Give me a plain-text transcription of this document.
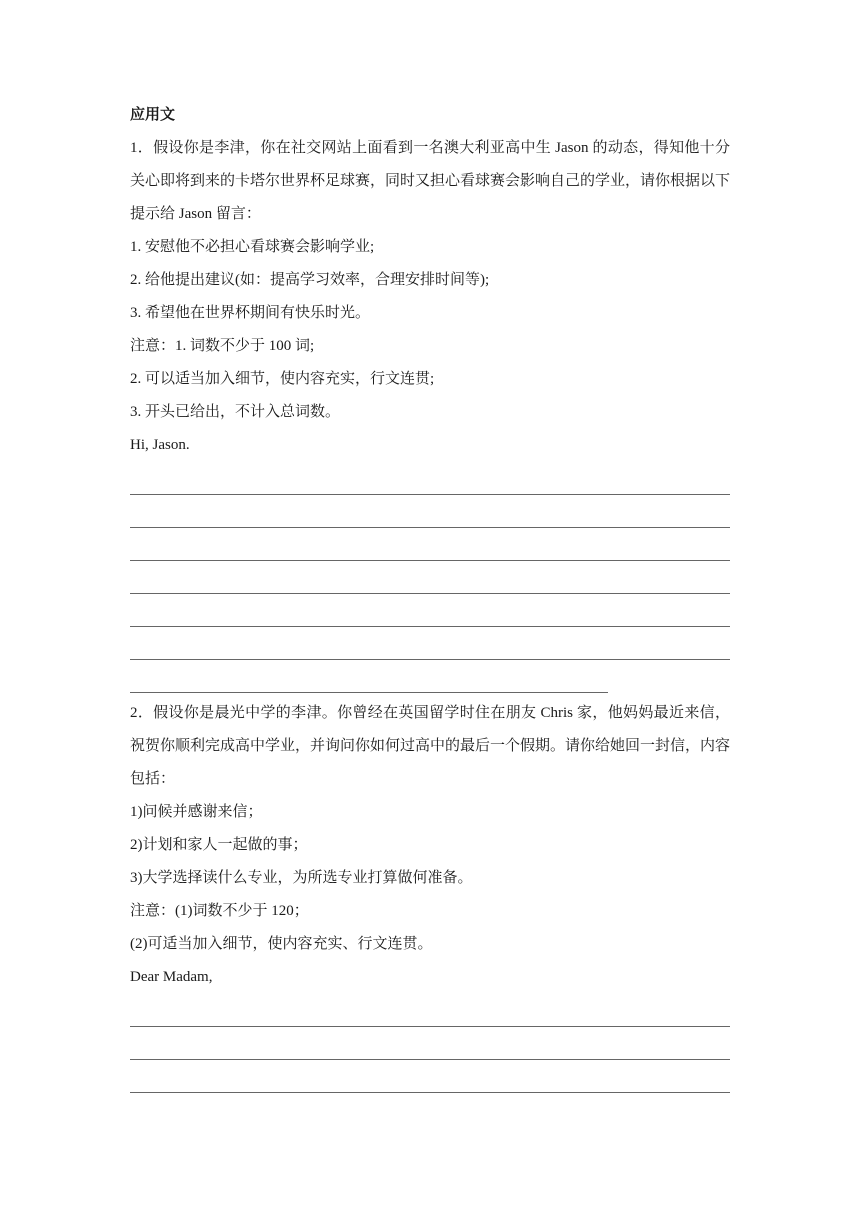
应用文

1．假设你是李津，你在社交网站上面看到一名澳大利亚高中生 Jason 的动态，得知他十分关心即将到来的卡塔尔世界杯足球赛，同时又担心看球赛会影响自己的学业，请你根据以下提示给 Jason 留言：

1. 安慰他不必担心看球赛会影响学业;

2. 给他提出建议(如：提高学习效率，合理安排时间等);

3. 希望他在世界杯期间有快乐时光。

注意：1. 词数不少于 100 词;

2. 可以适当加入细节，使内容充实，行文连贯;

3. 开头已给出，不计入总词数。

Hi, Jason.

2．假设你是晨光中学的李津。你曾经在英国留学时住在朋友 Chris 家，他妈妈最近来信，祝贺你顺利完成高中学业，并询问你如何过高中的最后一个假期。请你给她回一封信，内容包括：

1)问候并感谢来信；

2)计划和家人一起做的事；

3)大学选择读什么专业，为所选专业打算做何准备。

注意：(1)词数不少于 120；

(2)可适当加入细节，使内容充实、行文连贯。

Dear Madam,
